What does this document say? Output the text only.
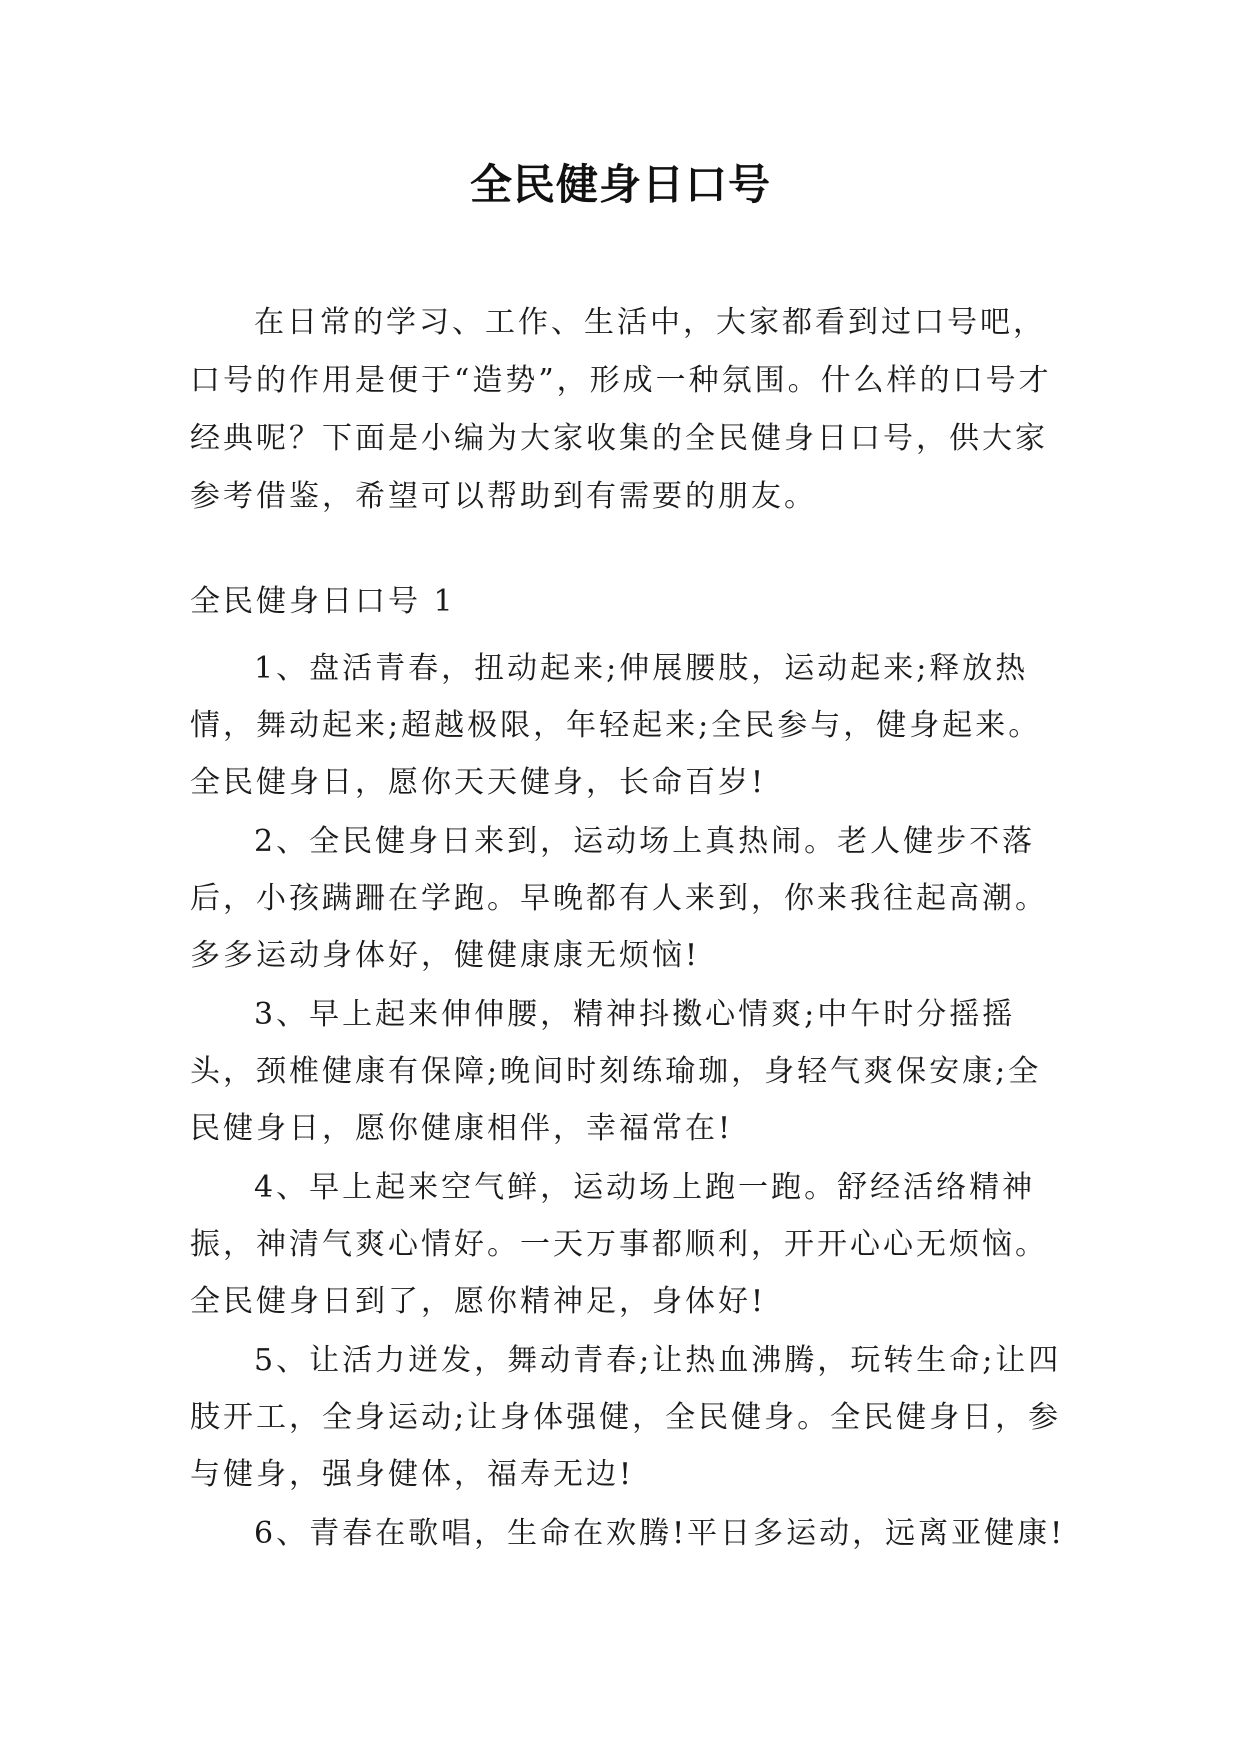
全民健身日口号

在日常的学习、工作、生活中，大家都看到过口号吧，口号的作用是便于“造势”，形成一种氛围。什么样的口号才经典呢？下面是小编为大家收集的全民健身日口号，供大家参考借鉴，希望可以帮助到有需要的朋友。

全民健身日口号 1

1、盘活青春，扭动起来;伸展腰肢，运动起来;释放热情，舞动起来;超越极限，年轻起来;全民参与，健身起来。全民健身日，愿你天天健身，长命百岁!

2、全民健身日来到，运动场上真热闹。老人健步不落后，小孩蹒跚在学跑。早晚都有人来到，你来我往起高潮。多多运动身体好，健健康康无烦恼!

3、早上起来伸伸腰，精神抖擞心情爽;中午时分摇摇头，颈椎健康有保障;晚间时刻练瑜珈，身轻气爽保安康;全民健身日，愿你健康相伴，幸福常在!

4、早上起来空气鲜，运动场上跑一跑。舒经活络精神振，神清气爽心情好。一天万事都顺利，开开心心无烦恼。全民健身日到了，愿你精神足，身体好!

5、让活力迸发，舞动青春;让热血沸腾，玩转生命;让四肢开工，全身运动;让身体强健，全民健身。全民健身日，参与健身，强身健体，福寿无边!

6、青春在歌唱，生命在欢腾!平日多运动，远离亚健康!
